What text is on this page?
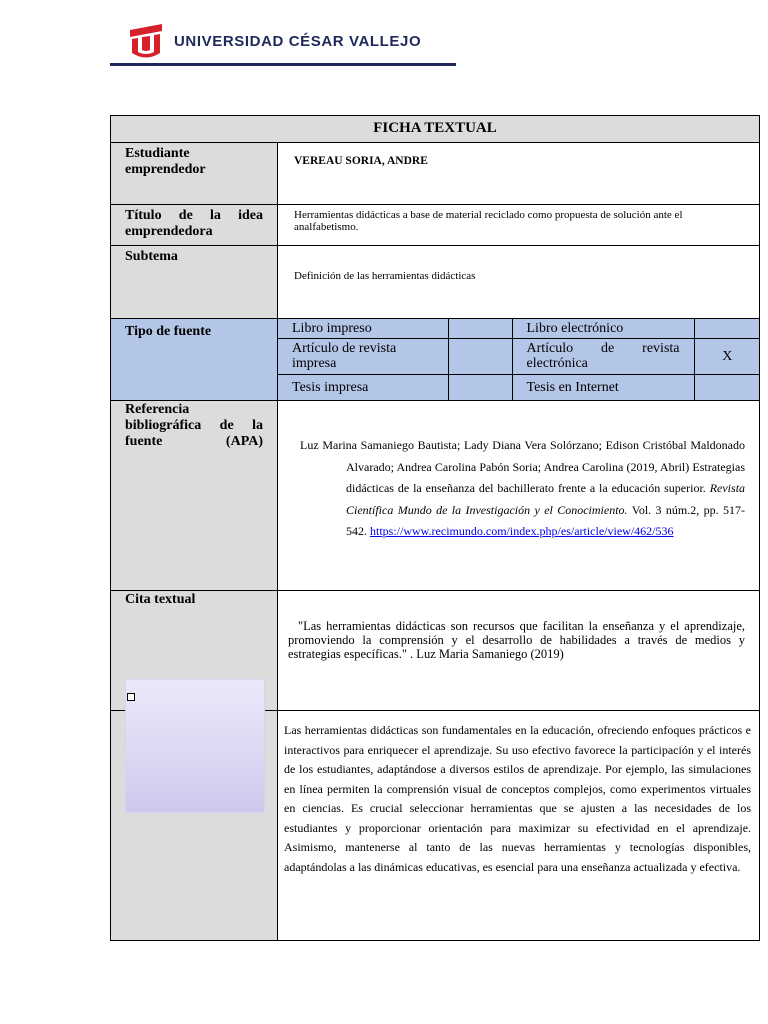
UNIVERSIDAD CÉSAR VALLEJO
FICHA TEXTUAL
Estudiante emprendedor	VEREAU SORIA, ANDRE
Título de la idea emprendedora	Herramientas didácticas a base de material reciclado como propuesta de solución ante el analfabetismo.
Subtema	Definición de las herramientas didácticas
Tipo de fuente		Libro impreso		Libro electrónico	
Artículo de revista impresa		Artículo de revista electrónica	X
Tesis impresa		Tesis en Internet	

Referencia bibliográfica de la fuente (APA)	Luz Marina Samaniego Bautista; Lady Diana Vera Solórzano; Edison Cristóbal Maldonado Alvarado; Andrea Carolina Pabón Soria; Andrea Carolina (2019, Abril) Estrategias didácticas de la enseñanza del bachillerato frente a la educación superior. Revista Científica Mundo de la Investigación y el Conocimiento. Vol. 3 núm.2, pp. 517-542. https://www.recimundo.com/index.php/es/article/view/462/536

Cita textual	
"Las herramientas didácticas son recursos que facilitan la enseñanza y el aprendizaje, promoviendo la comprensión y el desarrollo de habilidades a través de medios y estrategias específicas." . Luz Maria Samaniego (2019)

Las herramientas didácticas son fundamentales en la educación, ofreciendo enfoques prácticos e interactivos para enriquecer el aprendizaje. Su uso efectivo favorece la participación y el interés de los estudiantes, adaptándose a diversos estilos de aprendizaje. Por ejemplo, las simulaciones en línea permiten la comprensión visual de conceptos complejos, como experimentos virtuales en ciencias. Es crucial seleccionar herramientas que se ajusten a las necesidades de los estudiantes y proporcionar orientación para maximizar su efectividad en el aprendizaje. Asimismo, mantenerse al tanto de las nuevas herramientas y tecnologías disponibles, adaptándolas a las dinámicas educativas, es esencial para una enseñanza actualizada y efectiva.
